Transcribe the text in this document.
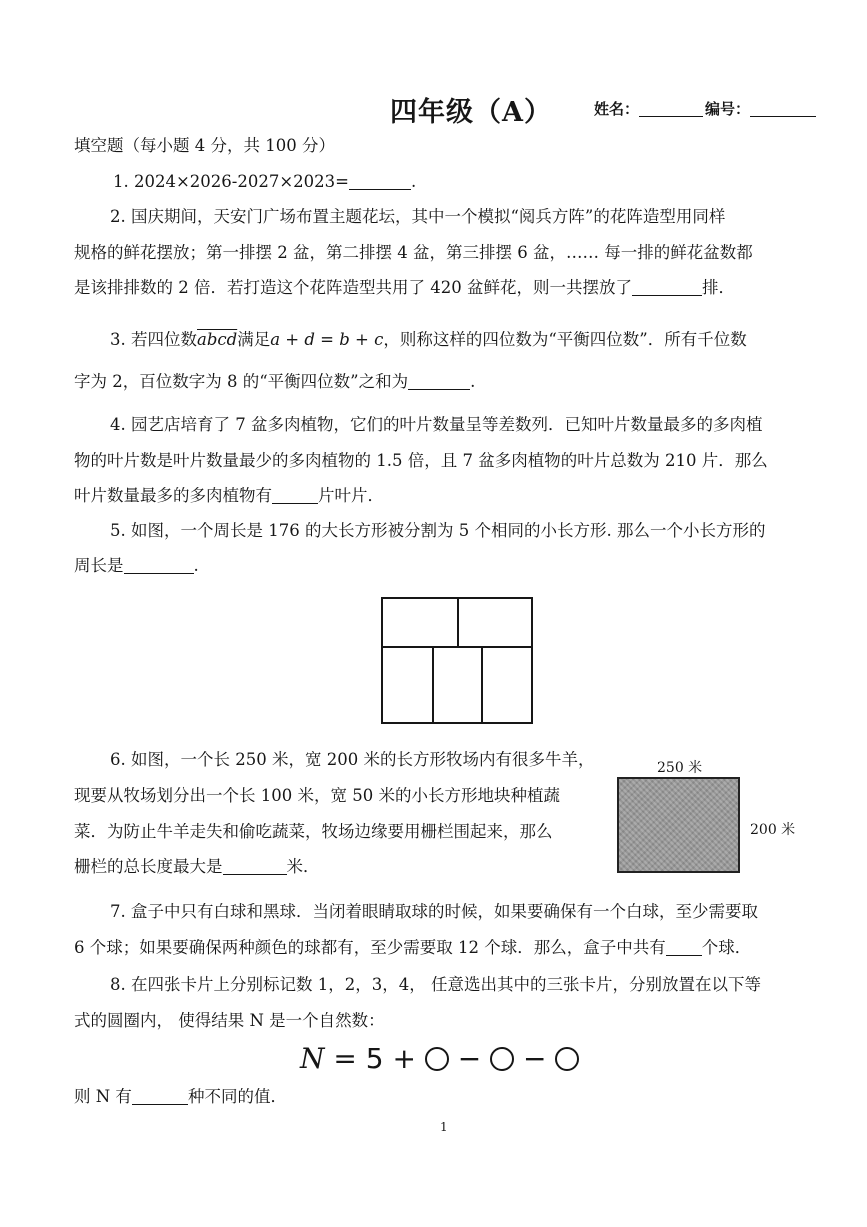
四年级（A）	姓名：	编号：
填空题（每小题 4 分，共 100 分）
1. 2024×2026-2027×2023=	.
2. 国庆期间，天安门广场布置主题花坛，其中一个模拟“阅兵方阵”的花阵造型用同样
规格的鲜花摆放；第一排摆 2 盆，第二排摆 4 盆，第三排摆 6 盆，…… 每一排的鲜花盆数都
是该排排数的 2 倍．若打造这个花阵造型共用了 420 盆鲜花，则一共摆放了	排．
3. 若四位数abcd满足a + d = b + c，则称这样的四位数为“平衡四位数”．所有千位数
字为 2，百位数字为 8 的“平衡四位数”之和为	.
4. 园艺店培育了 7 盆多肉植物，它们的叶片数量呈等差数列．已知叶片数量最多的多肉植
物的叶片数是叶片数量最少的多肉植物的 1.5 倍，且 7 盆多肉植物的叶片总数为 210 片．那么
叶片数量最多的多肉植物有	片叶片．
5. 如图，一个周长是 176 的大长方形被分割为 5 个相同的小长方形. 那么一个小长方形的
周长是	.
6. 如图，一个长 250 米，宽 200 米的长方形牧场内有很多牛羊，
现要从牧场划分出一个长 100 米，宽 50 米的小长方形地块种植蔬
菜．为防止牛羊走失和偷吃蔬菜，牧场边缘要用栅栏围起来，那么
栅栏的总长度最大是	米．
250 米
200 米
7. 盒子中只有白球和黑球．当闭着眼睛取球的时候，如果要确保有一个白球，至少需要取
6 个球；如果要确保两种颜色的球都有，至少需要取 12 个球．那么，盒子中共有 个球．
8. 在四张卡片上分别标记数 1，2，3，4， 任意选出其中的三张卡片，分别放置在以下等
式的圆圈内， 使得结果 N 是一个自然数：
N = 5 + − −
则 N 有	种不同的值．
1
